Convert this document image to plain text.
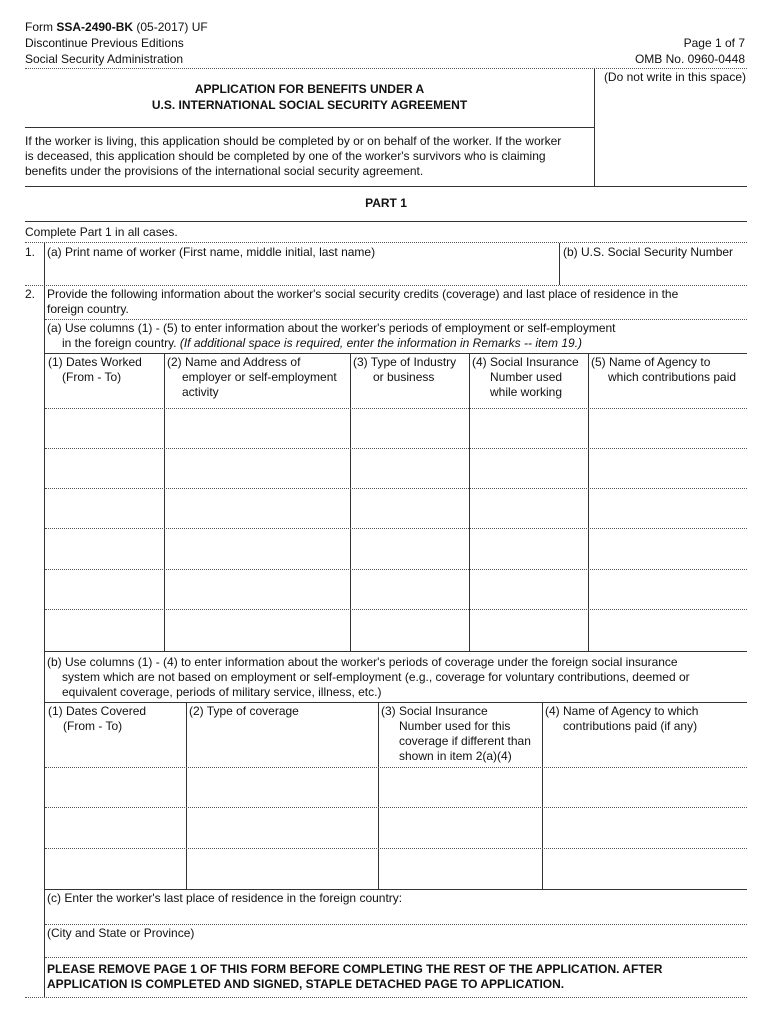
Form SSA-2490-BK (05-2017) UF
Discontinue Previous Editions
Social Security Administration
Page 1 of 7
OMB No. 0960-0448
(Do not write in this space)
APPLICATION FOR BENEFITS UNDER A
U.S. INTERNATIONAL SOCIAL SECURITY AGREEMENT
If the worker is living, this application should be completed by or on behalf of the worker. If the worker
is deceased, this application should be completed by one of the worker's survivors who is claiming
benefits under the provisions of the international social security agreement.
PART 1
Complete Part 1 in all cases.
1. (a) Print name of worker (First name, middle initial, last name)	(b) U.S. Social Security Number
2. Provide the following information about the worker's social security credits (coverage) and last place of residence in the
foreign country.
(a) Use columns (1) - (5) to enter information about the worker's periods of employment or self-employment
in the foreign country. (If additional space is required, enter the information in Remarks -- item 19.)
(1) Dates Worked
(From - To)
(2) Name and Address of
employer or self-employment
activity
(3) Type of Industry
or business
(4) Social Insurance
Number used
while working
(5) Name of Agency to
which contributions paid
(b) Use columns (1) - (4) to enter information about the worker's periods of coverage under the foreign social insurance
system which are not based on employment or self-employment (e.g., coverage for voluntary contributions, deemed or
equivalent coverage, periods of military service, illness, etc.)
(1) Dates Covered
(From - To)
(2) Type of coverage	(3) Social Insurance
Number used for this
coverage if different than
shown in item 2(a)(4)
(4) Name of Agency to which
contributions paid (if any)
(c) Enter the worker's last place of residence in the foreign country:
(City and State or Province)
PLEASE REMOVE PAGE 1 OF THIS FORM BEFORE COMPLETING THE REST OF THE APPLICATION. AFTER
APPLICATION IS COMPLETED AND SIGNED, STAPLE DETACHED PAGE TO APPLICATION.
